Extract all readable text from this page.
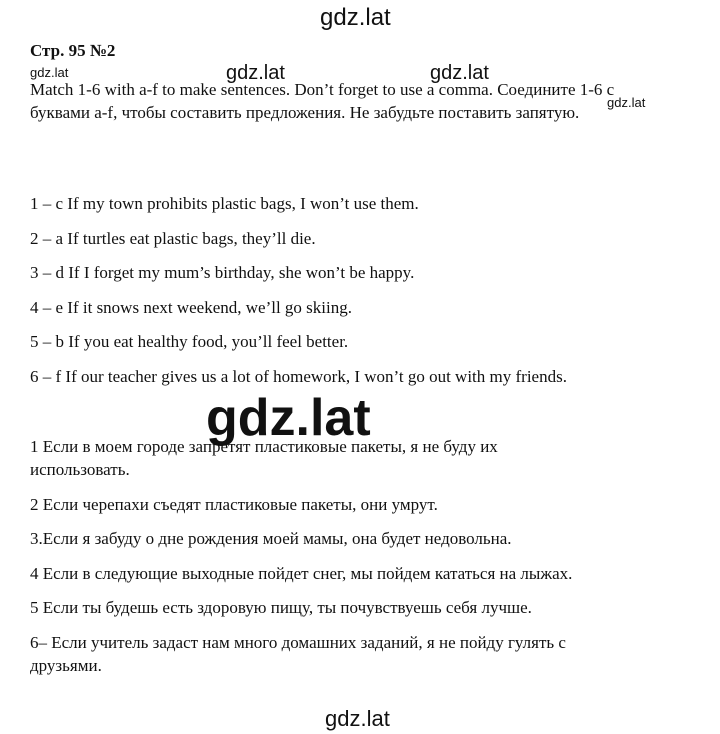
Стр. 95 №2
Match 1-6 with a-f to make sentences. Don’t forget to use a comma. Соедините 1-6 с буквами a-f, чтобы составить предложения. Не забудьте поставить запятую.
1 – c If my town prohibits plastic bags, I won’t use them.
2 – a If turtles eat plastic bags, they’ll die.
3 – d If I forget my mum’s birthday, she won’t be happy.
4 – e If it snows next weekend, we’ll go skiing.
5 – b If you eat healthy food, you’ll feel better.
6 – f If our teacher gives us a lot of homework, I won’t go out with my friends.
1 Если в моем городе запретят пластиковые пакеты, я не буду их использовать.
2 Если черепахи съедят пластиковые пакеты, они умрут.
3.Если я забуду о дне рождения моей мамы, она будет недовольна.
4 Если в следующие выходные пойдет снег, мы пойдем кататься на лыжах.
5 Если ты будешь есть здоровую пищу, ты почувствуешь себя лучше.
6– Если учитель задаст нам много домашних заданий, я не пойду гулять с друзьями.
gdz.lat
gdz.lat	gdz.lat	gdz.lat
gdz.lat
gdz.lat
gdz.lat
